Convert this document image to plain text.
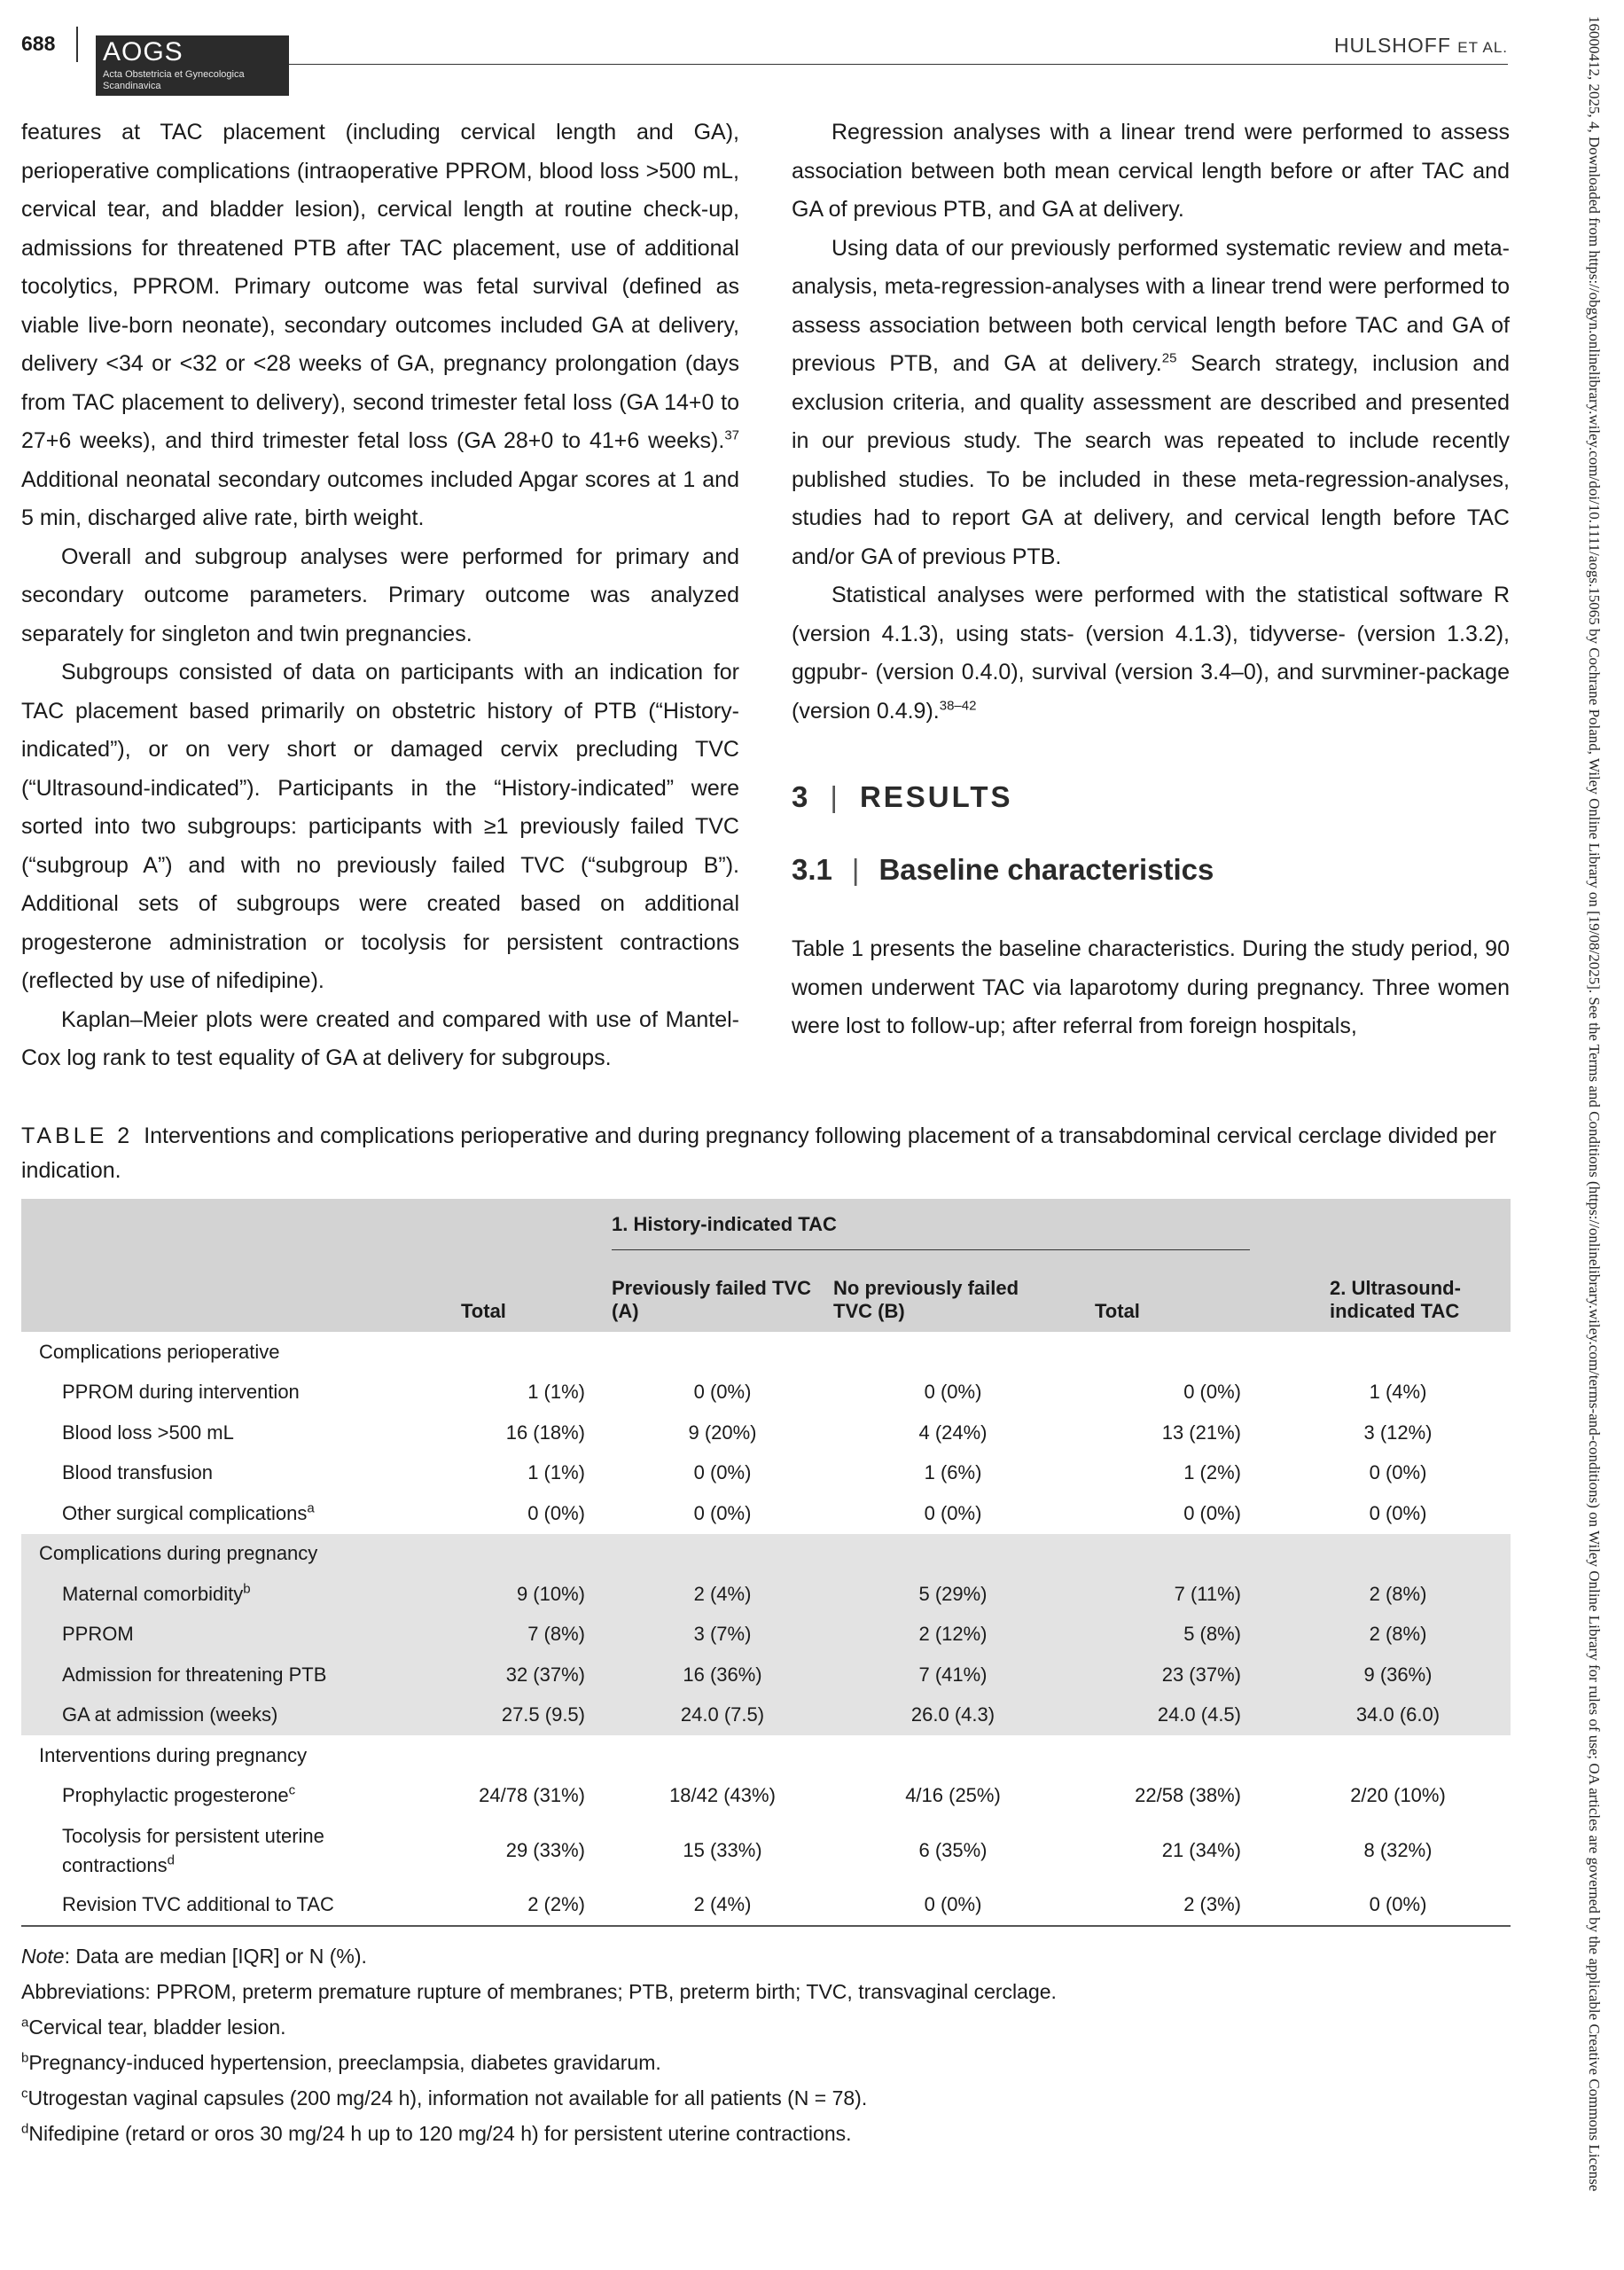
688 AOGS
Acta Obstetricia et Gynecologica
Scandinavica
HULSHOFF ET AL.

features at TAC placement (including cervical length and GA), perioperative complications (intraoperative PPROM, blood loss >500 mL, cervical tear, and bladder lesion), cervical length at routine check-up, admissions for threatened PTB after TAC placement, use of additional tocolytics, PPROM. Primary outcome was fetal survival (defined as viable live-born neonate), secondary outcomes included GA at delivery, delivery <34 or <32 or <28 weeks of GA, pregnancy prolongation (days from TAC placement to delivery), second trimester fetal loss (GA 14+0 to 27+6 weeks), and third trimester fetal loss (GA 28+0 to 41+6 weeks).$^{37}$ Additional neonatal secondary outcomes included Apgar scores at 1 and 5 min, discharged alive rate, birth weight.

Overall and subgroup analyses were performed for primary and secondary outcome parameters. Primary outcome was analyzed separately for singleton and twin pregnancies.

Subgroups consisted of data on participants with an indication for TAC placement based primarily on obstetric history of PTB (“History-indicated”), or on very short or damaged cervix precluding TVC (“Ultrasound-indicated”). Participants in the “History-indicated” were sorted into two subgroups: participants with ≥1 previously failed TVC (“subgroup A”) and with no previously failed TVC (“subgroup B”). Additional sets of subgroups were created based on additional progesterone administration or tocolysis for persistent contractions (reflected by use of nifedipine).

Kaplan–Meier plots were created and compared with use of Mantel-Cox log rank to test equality of GA at delivery for subgroups.

Regression analyses with a linear trend were performed to assess association between both mean cervical length before or after TAC and GA of previous PTB, and GA at delivery.

Using data of our previously performed systematic review and meta-analysis, meta-regression-analyses with a linear trend were performed to assess association between both cervical length before TAC and GA of previous PTB, and GA at delivery.$^{25}$ Search strategy, inclusion and exclusion criteria, and quality assessment are described and presented in our previous study. The search was repeated to include recently published studies. To be included in these meta-regression-analyses, studies had to report GA at delivery, and cervical length before TAC and/or GA of previous PTB.

Statistical analyses were performed with the statistical software R (version 4.1.3), using stats- (version 4.1.3), tidyverse- (version 1.3.2), ggpubr- (version 0.4.0), survival (version 3.4–0), and survminer-package (version 0.4.9).$^{38-42}$

3 | RESULTS
3.1 | Baseline characteristics

Table 1 presents the baseline characteristics. During the study period, 90 women underwent TAC via laparotomy during pregnancy. Three women were lost to follow-up; after referral from foreign hospitals,

TABLE 2 Interventions and complications perioperative and during pregnancy following placement of a transabdominal cervical cerclage divided per indication.
		1. History-indicated TAC		

	Total	Previously failed TVC (A)	No previously failed TVC (B)	Total	2. Ultrasound-indicated TAC
Complications perioperative					
PPROM during intervention	1 (1%)	0 (0%)	0 (0%)	0 (0%)	1 (4%)
Blood loss >500 mL	16 (18%)	9 (20%)	4 (24%)	13 (21%)	3 (12%)
Blood transfusion	1 (1%)	0 (0%)	1 (6%)	1 (2%)	0 (0%)
Other surgical complications$^a$	0 (0%)	0 (0%)	0 (0%)	0 (0%)	0 (0%)
Complications during pregnancy					
Maternal comorbidity$^b$	9 (10%)	2 (4%)	5 (29%)	7 (11%)	2 (8%)
PPROM	7 (8%)	3 (7%)	2 (12%)	5 (8%)	2 (8%)
Admission for threatening PTB	32 (37%)	16 (36%)	7 (41%)	23 (37%)	9 (36%)
GA at admission (weeks)	27.5 (9.5)	24.0 (7.5)	26.0 (4.3)	24.0 (4.5)	34.0 (6.0)
Interventions during pregnancy					
Prophylactic progesterone$^c$	24/78 (31%)	18/42 (43%)	4/16 (25%)	22/58 (38%)	2/20 (10%)
Tocolysis for persistent uterine contractions$^d$	29 (33%)	15 (33%)	6 (35%)	21 (34%)	8 (32%)
Revision TVC additional to TAC	2 (2%)	2 (4%)	0 (0%)	2 (3%)	0 (0%)
Note: Data are median [IQR] or N (%).
Abbreviations: PPROM, preterm premature rupture of membranes; PTB, preterm birth; TVC, transvaginal cerclage.
$^a$Cervical tear, bladder lesion.
$^b$Pregnancy-induced hypertension, preeclampsia, diabetes gravidarum.
$^c$Utrogestan vaginal capsules (200 mg/24 h), information not available for all patients (N = 78).
$^d$Nifedipine (retard or oros 30 mg/24 h up to 120 mg/24 h) for persistent uterine contractions.	16000412, 2025, 4, Downloaded from https://obgyn.onlinelibrary.wiley.com/doi/10.1111/aogs.15065 by Cochrane Poland, Wiley Online Library on [19/08/2025]. See the Terms and Conditions (https://onlinelibrary.wiley.com/terms-and-conditions) on Wiley Online Library for rules of use; OA articles are governed by the applicable Creative Commons License
